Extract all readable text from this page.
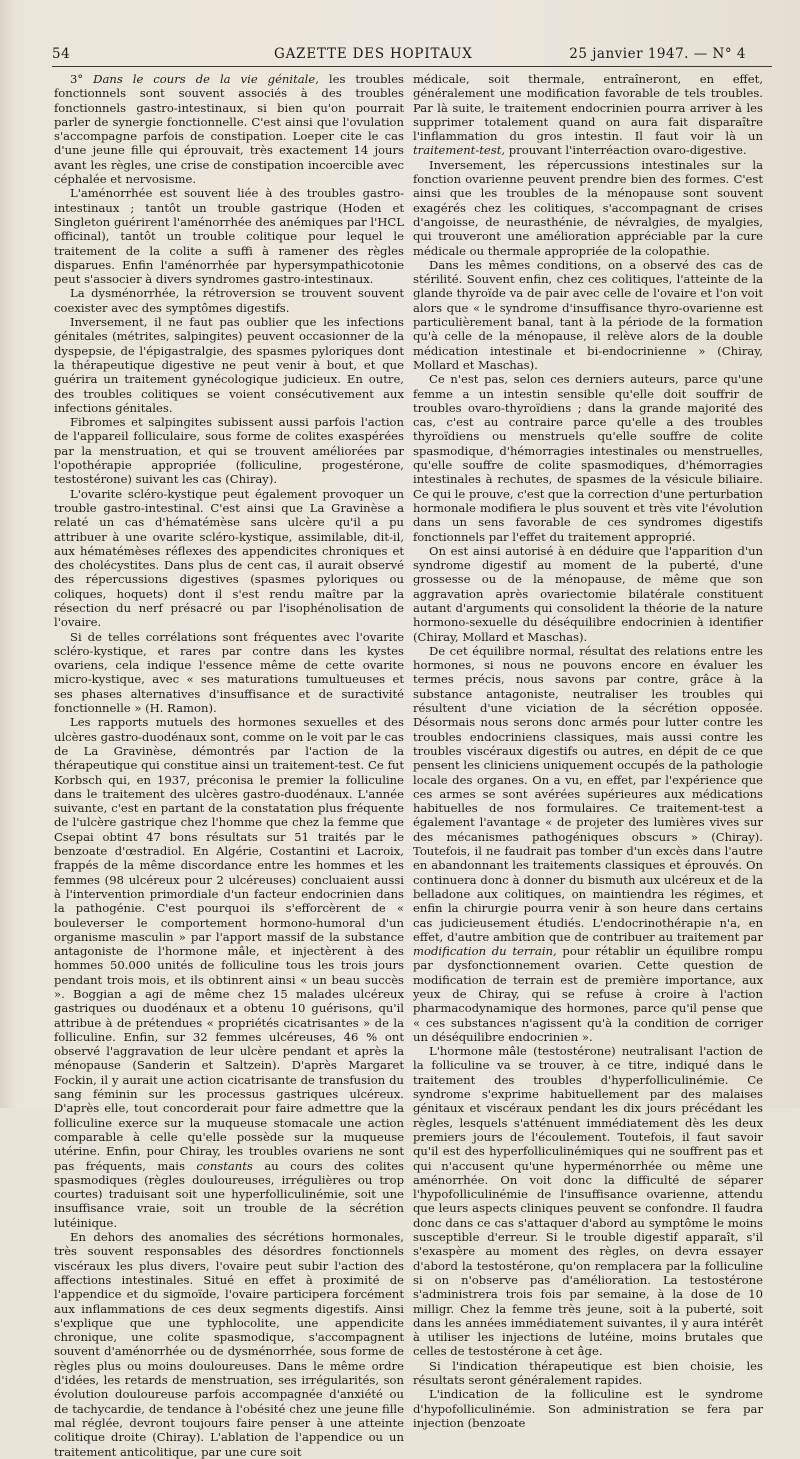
54	GAZETTE DES HOPITAUX	25 janvier 1947. — N° 4

3° Dans le cours de la vie génitale, les troubles fonctionnels sont souvent associés à des troubles fonctionnels gastro-intestinaux, si bien qu'on pourrait parler de synergie fonctionnelle. C'est ainsi que l'ovulation s'accompagne parfois de constipation. Loeper cite le cas d'une jeune fille qui éprouvait, très exactement 14 jours avant les règles, une crise de constipation incoercible avec céphalée et nervosisme.

L'aménorrhée est souvent liée à des troubles gastro-intestinaux ; tantôt un trouble gastrique (Hoden et Singleton guérirent l'aménorrhée des anémiques par l'HCL officinal), tantôt un trouble colitique pour lequel le traitement de la colite a suffi à ramener des règles disparues. Enfin l'aménorrhée par hypersympathicotonie peut s'associer à divers syndromes gastro-intestinaux.

La dysménorrhée, la rétroversion se trouvent souvent coexister avec des symptômes digestifs.

Inversement, il ne faut pas oublier que les infections génitales (métrites, salpingites) peuvent occasionner de la dyspepsie, de l'épigastralgie, des spasmes pyloriques dont la thérapeutique digestive ne peut venir à bout, et que guérira un traitement gynécologique judicieux. En outre, des troubles colitiques se voient consécutivement aux infections génitales.

Fibromes et salpingites subissent aussi parfois l'action de l'appareil folliculaire, sous forme de colites exaspérées par la menstruation, et qui se trouvent améliorées par l'opothérapie appropriée (folliculine, progestérone, testostérone) suivant les cas (Chiray).

L'ovarite scléro-kystique peut également provoquer un trouble gastro-intestinal. C'est ainsi que La Gravinèse a relaté un cas d'hématémèse sans ulcère qu'il a pu attribuer à une ovarite scléro-kystique, assimilable, dit-il, aux hématémèses réflexes des appendicites chroniques et des cholécystites. Dans plus de cent cas, il aurait observé des répercussions digestives (spasmes pyloriques ou coliques, hoquets) dont il s'est rendu maître par la résection du nerf présacré ou par l'isophénolisation de l'ovaire.

Si de telles corrélations sont fréquentes avec l'ovarite scléro-kystique, et rares par contre dans les kystes ovariens, cela indique l'essence même de cette ovarite micro-kystique, avec « ses maturations tumultueuses et ses phases alternatives d'insuffisance et de suractivité fonctionnelle » (H. Ramon).

Les rapports mutuels des hormones sexuelles et des ulcères gastro-duodénaux sont, comme on le voit par le cas de La Gravinèse, démontrés par l'action de la thérapeutique qui constitue ainsi un traitement-test. Ce fut Korbsch qui, en 1937, préconisa le premier la folliculine dans le traitement des ulcères gastro-duodénaux. L'année suivante, c'est en partant de la constatation plus fréquente de l'ulcère gastrique chez l'homme que chez la femme que Csepai obtint 47 bons résultats sur 51 traités par le benzoate d'œstradiol. En Algérie, Costantini et Lacroix, frappés de la même discordance entre les hommes et les femmes (98 ulcéreux pour 2 ulcéreuses) concluaient aussi à l'intervention primordiale d'un facteur endocrinien dans la pathogénie. C'est pourquoi ils s'efforcèrent de « bouleverser le comportement hormono-humoral d'un organisme masculin » par l'apport massif de la substance antagoniste de l'hormone mâle, et injectèrent à des hommes 50.000 unités de folliculine tous les trois jours pendant trois mois, et ils obtinrent ainsi « un beau succès ». Boggian a agi de même chez 15 malades ulcéreux gastriques ou duodénaux et a obtenu 10 guérisons, qu'il attribue à de prétendues « propriétés cicatrisantes » de la folliculine. Enfin, sur 32 femmes ulcéreuses, 46 % ont observé l'aggravation de leur ulcère pendant et après la ménopause (Sanderin et Saltzein). D'après Margaret Fockin, il y aurait une action cicatrisante de transfusion du sang féminin sur les processus gastriques ulcéreux. D'après elle, tout concorderait pour faire admettre que la folliculine exerce sur la muqueuse stomacale une action comparable à celle qu'elle possède sur la muqueuse utérine. Enfin, pour Chiray, les troubles ovariens ne sont pas fréquents, mais constants au cours des colites spasmodiques (règles douloureuses, irrégulières ou trop courtes) traduisant soit une hyperfolliculinémie, soit une insuffisance vraie, soit un trouble de la sécrétion lutéinique.

En dehors des anomalies des sécrétions hormonales, très souvent responsables des désordres fonctionnels viscéraux les plus divers, l'ovaire peut subir l'action des affections intestinales. Situé en effet à proximité de l'appendice et du sigmoïde, l'ovaire participera forcément aux inflammations de ces deux segments digestifs. Ainsi s'explique que une typhlocolite, une appendicite chronique, une colite spasmodique, s'accompagnent souvent d'aménorrhée ou de dysménorrhée, sous forme de règles plus ou moins douloureuses. Dans le même ordre d'idées, les retards de menstruation, ses irrégularités, son évolution douloureuse parfois accompagnée d'anxiété ou de tachycardie, de tendance à l'obésité chez une jeune fille mal réglée, devront toujours faire penser à une atteinte colitique droite (Chiray). L'ablation de l'appendice ou un traitement anticolitique, par une cure soit

médicale, soit thermale, entraîneront, en effet, généralement une modification favorable de tels troubles. Par là suite, le traitement endocrinien pourra arriver à les supprimer totalement quand on aura fait disparaître l'inflammation du gros intestin. Il faut voir là un traitement-test, prouvant l'interréaction ovaro-digestive.

Inversement, les répercussions intestinales sur la fonction ovarienne peuvent prendre bien des formes. C'est ainsi que les troubles de la ménopause sont souvent exagérés chez les colitiques, s'accompagnant de crises d'angoisse, de neurasthénie, de névralgies, de myalgies, qui trouveront une amélioration appréciable par la cure médicale ou thermale appropriée de la colopathie.

Dans les mêmes conditions, on a observé des cas de stérilité. Souvent enfin, chez ces colitiques, l'atteinte de la glande thyroïde va de pair avec celle de l'ovaire et l'on voit alors que « le syndrome d'insuffisance thyro-ovarienne est particulièrement banal, tant à la période de la formation qu'à celle de la ménopause, il relève alors de la double médication intestinale et bi-endocrinienne » (Chiray, Mollard et Maschas).

Ce n'est pas, selon ces derniers auteurs, parce qu'une femme a un intestin sensible qu'elle doit souffrir de troubles ovaro-thyroïdiens ; dans la grande majorité des cas, c'est au contraire parce qu'elle a des troubles thyroïdiens ou menstruels qu'elle souffre de colite spasmodique, d'hémorragies intestinales ou menstruelles, qu'elle souffre de colite spasmodiques, d'hémorragies intestinales à rechutes, de spasmes de la vésicule biliaire. Ce qui le prouve, c'est que la correction d'une perturbation hormonale modifiera le plus souvent et très vite l'évolution dans un sens favorable de ces syndromes digestifs fonctionnels par l'effet du traitement approprié.

On est ainsi autorisé à en déduire que l'apparition d'un syndrome digestif au moment de la puberté, d'une grossesse ou de la ménopause, de même que son aggravation après ovariectomie bilatérale constituent autant d'arguments qui consolident la théorie de la nature hormono-sexuelle du déséquilibre endocrinien à identifier (Chiray, Mollard et Maschas).

De cet équilibre normal, résultat des relations entre les hormones, si nous ne pouvons encore en évaluer les termes précis, nous savons par contre, grâce à la substance antagoniste, neutraliser les troubles qui résultent d'une viciation de la sécrétion opposée. Désormais nous serons donc armés pour lutter contre les troubles endocriniens classiques, mais aussi contre les troubles viscéraux digestifs ou autres, en dépit de ce que pensent les cliniciens uniquement occupés de la pathologie locale des organes. On a vu, en effet, par l'expérience que ces armes se sont avérées supérieures aux médications habituelles de nos formulaires. Ce traitement-test a également l'avantage « de projeter des lumières vives sur des mécanismes pathogéniques obscurs » (Chiray). Toutefois, il ne faudrait pas tomber d'un excès dans l'autre en abandonnant les traitements classiques et éprouvés. On continuera donc à donner du bismuth aux ulcéreux et de la belladone aux colitiques, on maintiendra les régimes, et enfin la chirurgie pourra venir à son heure dans certains cas judicieusement étudiés. L'endocrinothérapie n'a, en effet, d'autre ambition que de contribuer au traitement par modification du terrain, pour rétablir un équilibre rompu par dysfonctionnement ovarien. Cette question de modification de terrain est de première importance, aux yeux de Chiray, qui se refuse à croire à l'action pharmacodynamique des hormones, parce qu'il pense que « ces substances n'agissent qu'à la condition de corriger un déséquilibre endocrinien ».

L'hormone mâle (testostérone) neutralisant l'action de la folliculine va se trouver, à ce titre, indiqué dans le traitement des troubles d'hyperfolliculinémie. Ce syndrome s'exprime habituellement par des malaises génitaux et viscéraux pendant les dix jours précédant les règles, lesquels s'atténuent immédiatement dès les deux premiers jours de l'écoulement. Toutefois, il faut savoir qu'il est des hyperfolliculinémiques qui ne souffrent pas et qui n'accusent qu'une hyperménorrhée ou même une aménorrhée. On voit donc la difficulté de séparer l'hypofolliculinémie de l'insuffisance ovarienne, attendu que leurs aspects cliniques peuvent se confondre. Il faudra donc dans ce cas s'attaquer d'abord au symptôme le moins susceptible d'erreur. Si le trouble digestif apparaît, s'il s'exaspère au moment des règles, on devra essayer d'abord la testostérone, qu'on remplacera par la folliculine si on n'observe pas d'amélioration. La testostérone s'administrera trois fois par semaine, à la dose de 10 milligr. Chez la femme très jeune, soit à la puberté, soit dans les années immédiatement suivantes, il y aura intérêt à utiliser les injections de lutéine, moins brutales que celles de testostérone à cet âge.

Si l'indication thérapeutique est bien choisie, les résultats seront généralement rapides.

L'indication de la folliculine est le syndrome d'hypofolliculinémie. Son administration se fera par injection (benzoate
